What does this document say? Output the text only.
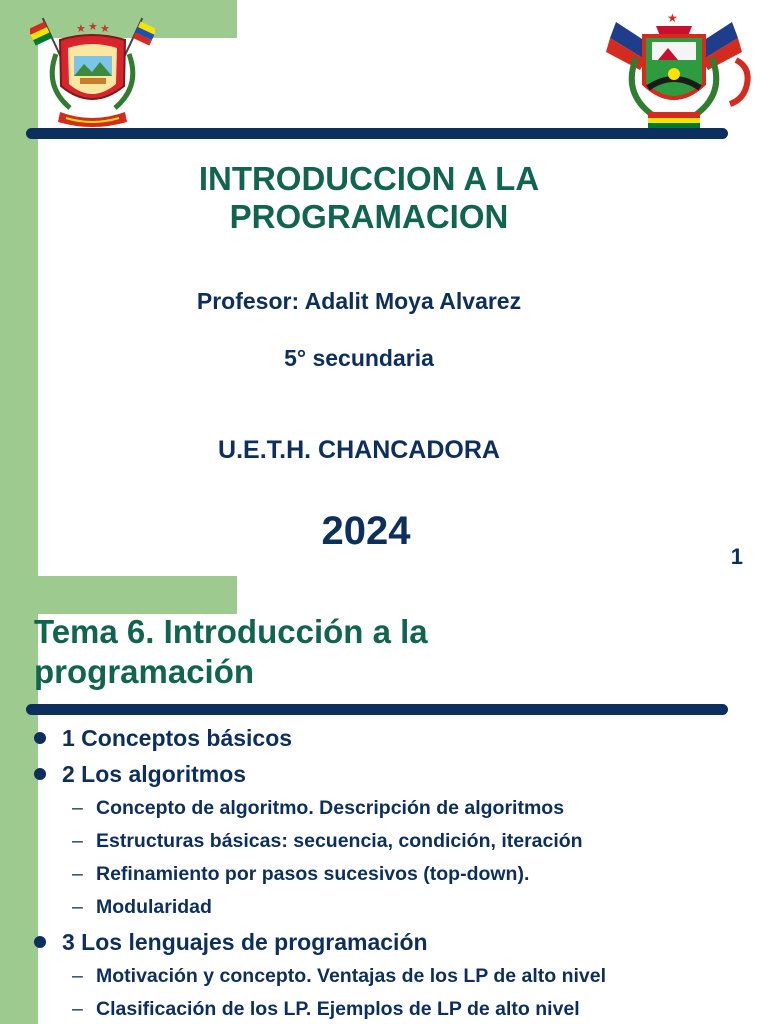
★ ★ ★
★
INTRODUCCION A LA
PROGRAMACION
Profesor: Adalit Moya Alvarez
5° secundaria
U.E.T.H. CHANCADORA
2024
1
Tema 6. Introducción a la
programación
1 Conceptos básicos
2 Los algoritmos
– Concepto de algoritmo. Descripción de algoritmos
– Estructuras básicas: secuencia, condición, iteración
– Refinamiento por pasos sucesivos (top-down).
– Modularidad
3 Los lenguajes de programación
– Motivación y concepto. Ventajas de los LP de alto nivel
– Clasificación de los LP. Ejemplos de LP de alto nivel
